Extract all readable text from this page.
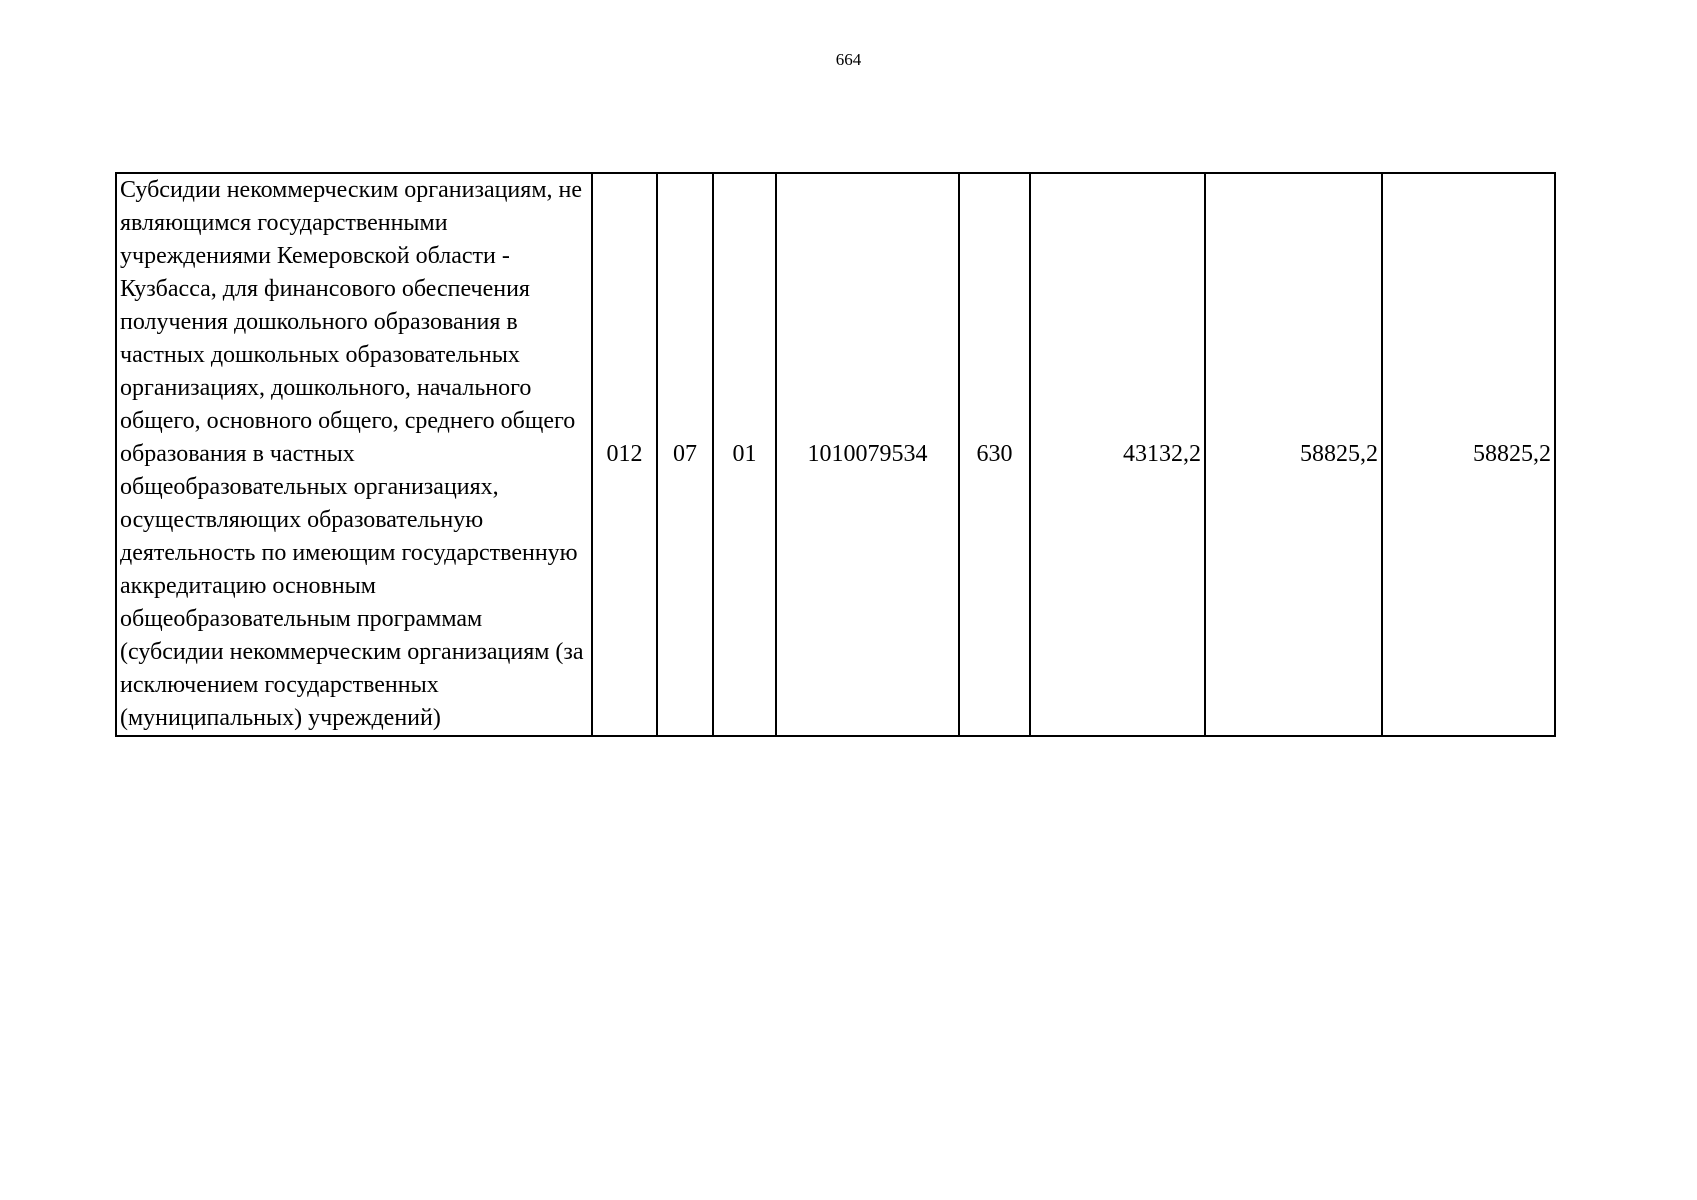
664
Субсидии некоммерческим организациям, не являющимся государственными учреждениями Кемеровской области - Кузбасса, для финансового обеспечения получения дошкольного образования в частных дошкольных образовательных организациях, дошкольного, начального общего, основного общего, среднего общего образования в частных общеобразовательных организациях, осуществляющих образовательную деятельность по имеющим государственную аккредитацию основным общеобразовательным программам (субсидии некоммерческим организациям (за исключением государственных (муниципальных) учреждений)	012	07	01	1010079534	630	43132,2	58825,2	58825,2
